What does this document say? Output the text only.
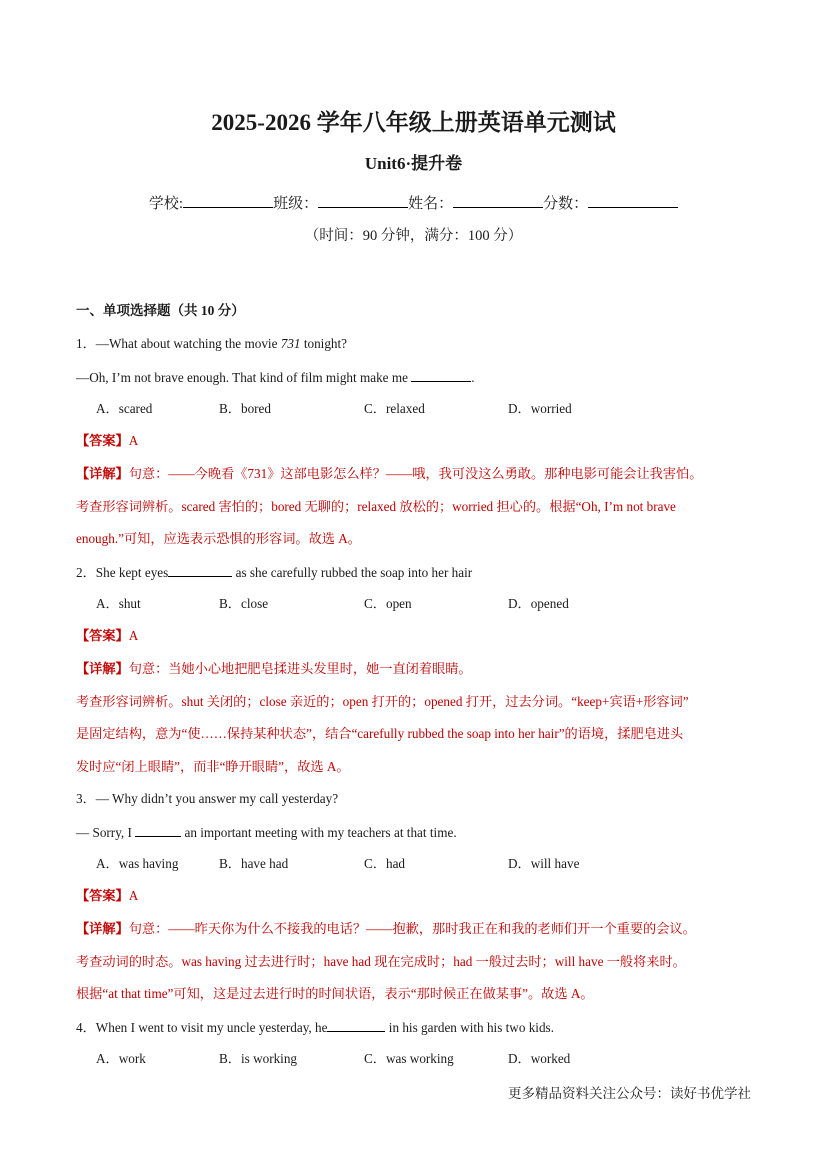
2025-2026 学年八年级上册英语单元测试
Unit6·提升卷
学校:	班级：	姓名：	分数：
（时间：90 分钟，满分：100 分）
一、单项选择题（共 10 分）
1．—What about watching the movie 731 tonight?
—Oh, I’m not brave enough. That kind of film might make me	.
A．scared	B．bored	C．relaxed	D．worried
【答案】A
【详解】句意：——今晚看《731》这部电影怎么样？——哦，我可没这么勇敢。那种电影可能会让我害怕。
考查形容词辨析。scared 害怕的；bored 无聊的；relaxed 放松的；worried 担心的。根据“Oh, I’m not brave
enough.”可知，应选表示恐惧的形容词。故选 A。
2．She kept eyes	as she carefully rubbed the soap into her hair
A．shut	B．close	C．open	D．opened
【答案】A
【详解】句意：当她小心地把肥皂揉进头发里时，她一直闭着眼睛。
考查形容词辨析。shut 关闭的；close 亲近的；open 打开的；opened 打开，过去分词。“keep+宾语+形容词”
是固定结构，意为“使……保持某种状态”，结合“carefully rubbed the soap into her hair”的语境，揉肥皂进头
发时应“闭上眼睛”，而非“睁开眼睛”，故选 A。
3．— Why didn’t you answer my call yesterday?
— Sorry, I	an important meeting with my teachers at that time.
A．was having	B．have had	C．had	D．will have
【答案】A
【详解】句意：——昨天你为什么不接我的电话？——抱歉，那时我正在和我的老师们开一个重要的会议。
考查动词的时态。was having 过去进行时；have had 现在完成时；had 一般过去时；will have 一般将来时。
根据“at that time”可知，这是过去进行时的时间状语，表示“那时候正在做某事”。故选 A。
4．When I went to visit my uncle yesterday, he	in his garden with his two kids.
A．work	B．is working	C．was working	D．worked
更多精品资料关注公众号：读好书优学社
